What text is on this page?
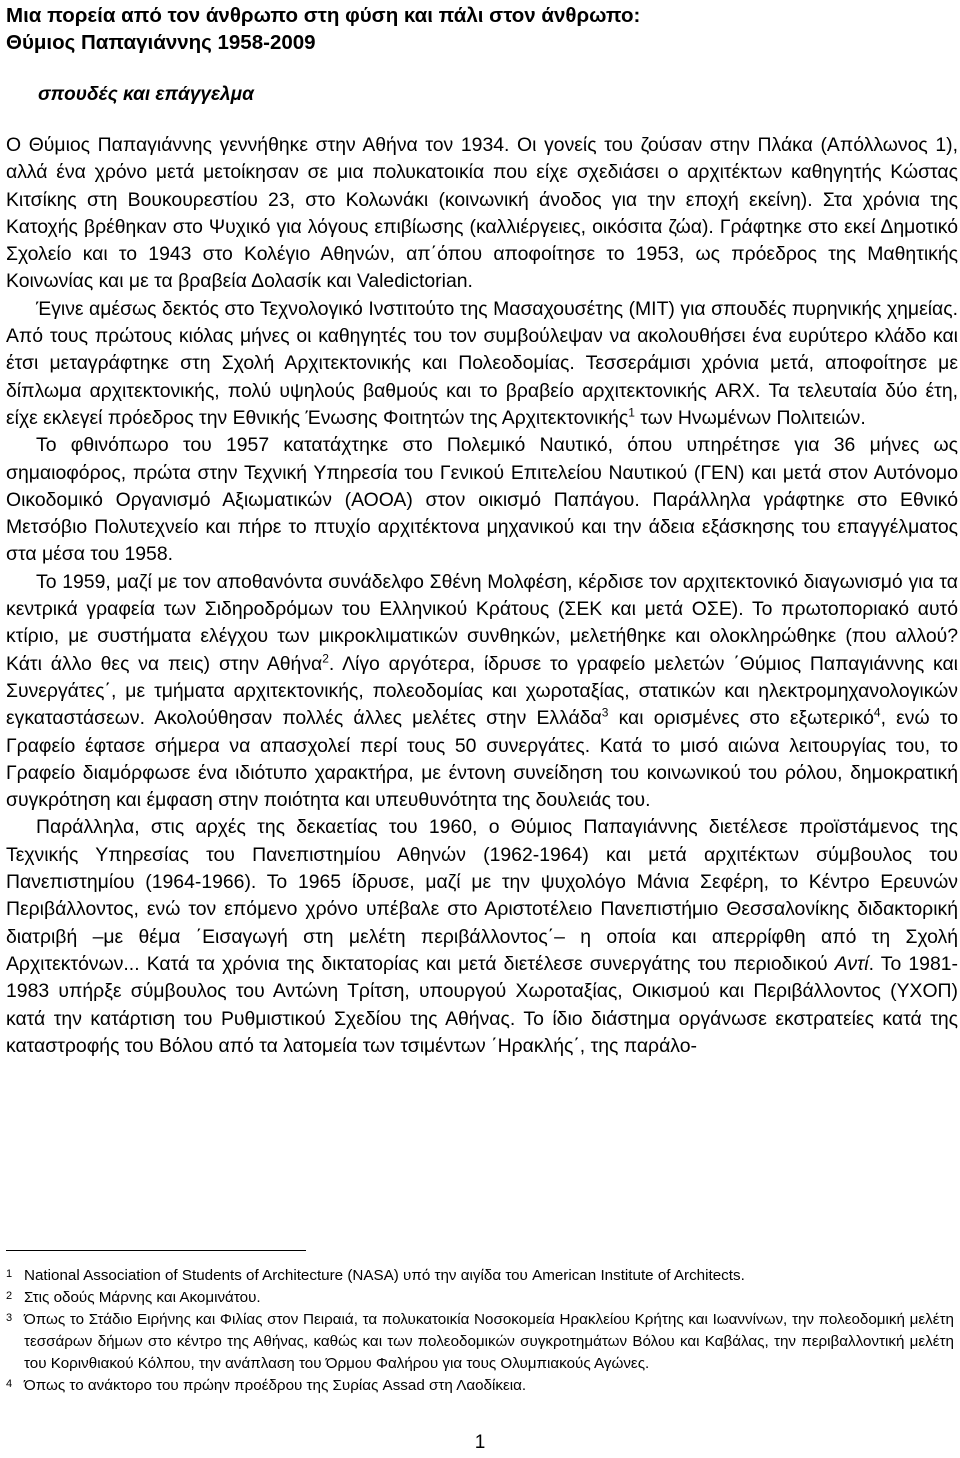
Μια πορεία από τον άνθρωπο στη φύση και πάλι στον άνθρωπο:
Θύμιος Παπαγιάννης 1958-2009
σπουδές και επάγγελμα

Ο Θύμιος Παπαγιάννης γεννήθηκε στην Αθήνα τον 1934. Οι γονείς του ζούσαν στην Πλάκα (Απόλλωνος 1), αλλά ένα χρόνο μετά μετοίκησαν σε μια πολυκατοικία που είχε σχεδιάσει ο αρχιτέκτων καθηγητής Κώστας Κιτσίκης στη Βουκουρεστίου 23, στο Κολωνάκι (κοινωνική άνοδος για την εποχή εκείνη). Στα χρόνια της Κατοχής βρέθηκαν στο Ψυχικό για λόγους επιβίωσης (καλλιέργειες, οικόσιτα ζώα). Γράφτηκε στο εκεί Δημοτικό Σχολείο και το 1943 στο Κολέγιο Αθηνών, απ΄όπου αποφοίτησε το 1953, ως πρόεδρος της Μαθητικής Κοινωνίας και με τα βραβεία Δολασίκ και Valedictorian.

Έγινε αμέσως δεκτός στο Τεχνολογικό Ινστιτούτο της Μασαχουσέτης (MIT) για σπουδές πυρηνικής χημείας. Από τους πρώτους κιόλας μήνες οι καθηγητές του τον συμβούλεψαν να ακολουθήσει ένα ευρύτερο κλάδο και έτσι μεταγράφτηκε στη Σχολή Αρχιτεκτονικής και Πολεοδομίας. Τεσσεράμισι χρόνια μετά, αποφοίτησε με δίπλωμα αρχιτεκτονικής, πολύ υψηλούς βαθμούς και το βραβείο αρχιτεκτονικής ARX. Τα τελευταία δύο έτη, είχε εκλεγεί πρόεδρος την Εθνικής Ένωσης Φοιτητών της Αρχιτεκτονικής$^1$ των Ηνωμένων Πολιτειών.

Το φθινόπωρο του 1957 κατατάχτηκε στο Πολεμικό Ναυτικό, όπου υπηρέτησε για 36 μήνες ως σημαιοφόρος, πρώτα στην Τεχνική Υπηρεσία του Γενικού Επιτελείου Ναυτικού (ΓΕΝ) και μετά στον Αυτόνομο Οικοδομικό Οργανισμό Αξιωματικών (ΑΟΟΑ) στον οικισμό Παπάγου. Παράλληλα γράφτηκε στο Εθνικό Μετσόβιο Πολυτεχνείο και πήρε το πτυχίο αρχιτέκτονα μηχανικού και την άδεια εξάσκησης του επαγγέλματος στα μέσα του 1958.

Το 1959, μαζί με τον αποθανόντα συνάδελφο Σθένη Μολφέση, κέρδισε τον αρχιτεκτονικό διαγωνισμό για τα κεντρικά γραφεία των Σιδηροδρόμων του Ελληνικού Κράτους (ΣΕΚ και μετά ΟΣΕ). Το πρωτοποριακό αυτό κτίριο, με συστήματα ελέγχου των μικροκλιματικών συνθηκών, μελετήθηκε και ολοκληρώθηκε (που αλλού? Κάτι άλλο θες να πεις) στην Αθήνα$^2$. Λίγο αργότερα, ίδρυσε το γραφείο μελετών ΄Θύμιος Παπαγιάννης και Συνεργάτες΄, με τμήματα αρχιτεκτονικής, πολεοδομίας και χωροταξίας, στατικών και ηλεκτρομηχανολογικών εγκαταστάσεων. Ακολούθησαν πολλές άλλες μελέτες στην Ελλάδα$^3$ και ορισμένες στο εξωτερικό$^4$, ενώ το Γραφείο έφτασε σήμερα να απασχολεί περί τους 50 συνεργάτες. Κατά το μισό αιώνα λειτουργίας του, το Γραφείο διαμόρφωσε ένα ιδιότυπο χαρακτήρα, με έντονη συνείδηση του κοινωνικού του ρόλου, δημοκρατική συγκρότηση και έμφαση στην ποιότητα και υπευθυνότητα της δουλειάς του.

Παράλληλα, στις αρχές της δεκαετίας του 1960, ο Θύμιος Παπαγιάννης διετέλεσε προϊστάμενος της Τεχνικής Υπηρεσίας του Πανεπιστημίου Αθηνών (1962-1964) και μετά αρχιτέκτων σύμβουλος του Πανεπιστημίου (1964-1966). Το 1965 ίδρυσε, μαζί με την ψυχολόγο Μάνια Σεφέρη, το Κέντρο Ερευνών Περιβάλλοντος, ενώ τον επόμενο χρόνο υπέβαλε στο Αριστοτέλειο Πανεπιστήμιο Θεσσαλονίκης διδακτορική διατριβή –με θέμα ΄Εισαγωγή στη μελέτη περιβάλλοντος΄– η οποία και απερρίφθη από τη Σχολή Αρχιτεκτόνων... Κατά τα χρόνια της δικτατορίας και μετά διετέλεσε συνεργάτης του περιοδικού Αντί. Το 1981-1983 υπήρξε σύμβουλος του Αντώνη Τρίτση, υπουργού Χωροταξίας, Οικισμού και Περιβάλλοντος (ΥΧΟΠ) κατά την κατάρτιση του Ρυθμιστικού Σχεδίου της Αθήνας. Το ίδιο διάστημα οργάνωσε εκστρατείες κατά της καταστροφής του Βόλου από τα λατομεία των τσιμέντων ΄Ηρακλής΄, της παράλο-

1 National Association of Students of Architecture (NASA) υπό την αιγίδα του American Institute of Architects.
2 Στις οδούς Μάρνης και Ακομινάτου.
3 Όπως το Στάδιο Ειρήνης και Φιλίας στον Πειραιά, τα πολυκατοικία Νοσοκομεία Ηρακλείου Κρήτης και Ιωαννίνων, την πολεοδομική μελέτη τεσσάρων δήμων στο κέντρο της Αθήνας, καθώς και των πολεοδομικών συγκροτημάτων Βόλου και Καβάλας, την περιβαλλοντική μελέτη του Κορινθιακού Κόλπου, την ανάπλαση του Όρμου Φαλήρου για τους Ολυμπιακούς Αγώνες.
4 Όπως το ανάκτορο του πρώην προέδρου της Συρίας Assad στη Λαοδίκεια.
1
